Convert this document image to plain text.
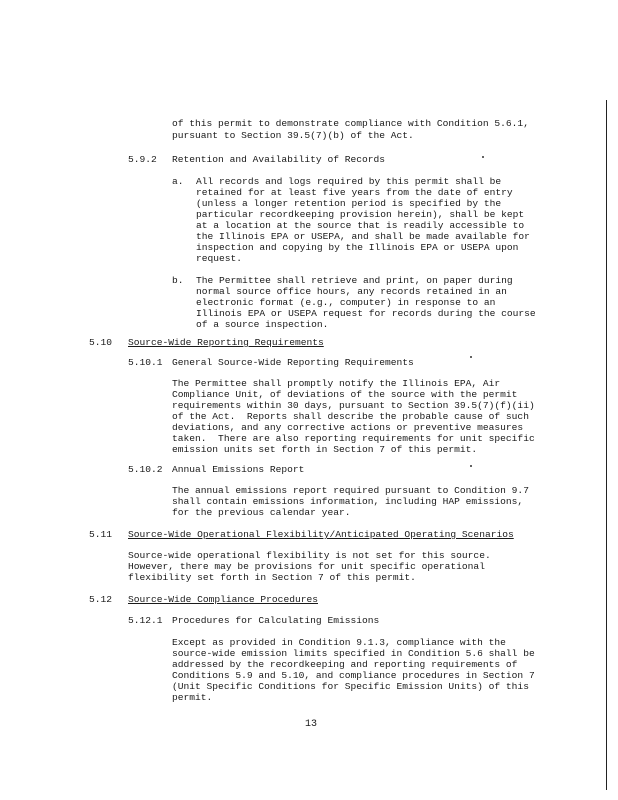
of this permit to demonstrate compliance with Condition 5.6.1,
pursuant to Section 39.5(7)(b) of the Act.
5.9.2 Retention and Availability of Records
a. All records and logs required by this permit shall be
retained for at least five years from the date of entry
(unless a longer retention period is specified by the
particular recordkeeping provision herein), shall be kept
at a location at the source that is readily accessible to
the Illinois EPA or USEPA, and shall be made available for
inspection and copying by the Illinois EPA or USEPA upon
request.
b. The Permittee shall retrieve and print, on paper during
normal source office hours, any records retained in an
electronic format (e.g., computer) in response to an
Illinois EPA or USEPA request for records during the course
of a source inspection.
5.10 Source-Wide Reporting Requirements
5.10.1 General Source-Wide Reporting Requirements
The Permittee shall promptly notify the Illinois EPA, Air
Compliance Unit, of deviations of the source with the permit
requirements within 30 days, pursuant to Section 39.5(7)(f)(ii)
of the Act.  Reports shall describe the probable cause of such
deviations, and any corrective actions or preventive measures
taken.  There are also reporting requirements for unit specific
emission units set forth in Section 7 of this permit.
5.10.2 Annual Emissions Report
The annual emissions report required pursuant to Condition 9.7
shall contain emissions information, including HAP emissions,
for the previous calendar year.
5.11 Source-Wide Operational Flexibility/Anticipated Operating Scenarios
Source-wide operational flexibility is not set for this source.
However, there may be provisions for unit specific operational
flexibility set forth in Section 7 of this permit.
5.12 Source-Wide Compliance Procedures
5.12.1 Procedures for Calculating Emissions
Except as provided in Condition 9.1.3, compliance with the
source-wide emission limits specified in Condition 5.6 shall be
addressed by the recordkeeping and reporting requirements of
Conditions 5.9 and 5.10, and compliance procedures in Section 7
(Unit Specific Conditions for Specific Emission Units) of this
permit.
13
